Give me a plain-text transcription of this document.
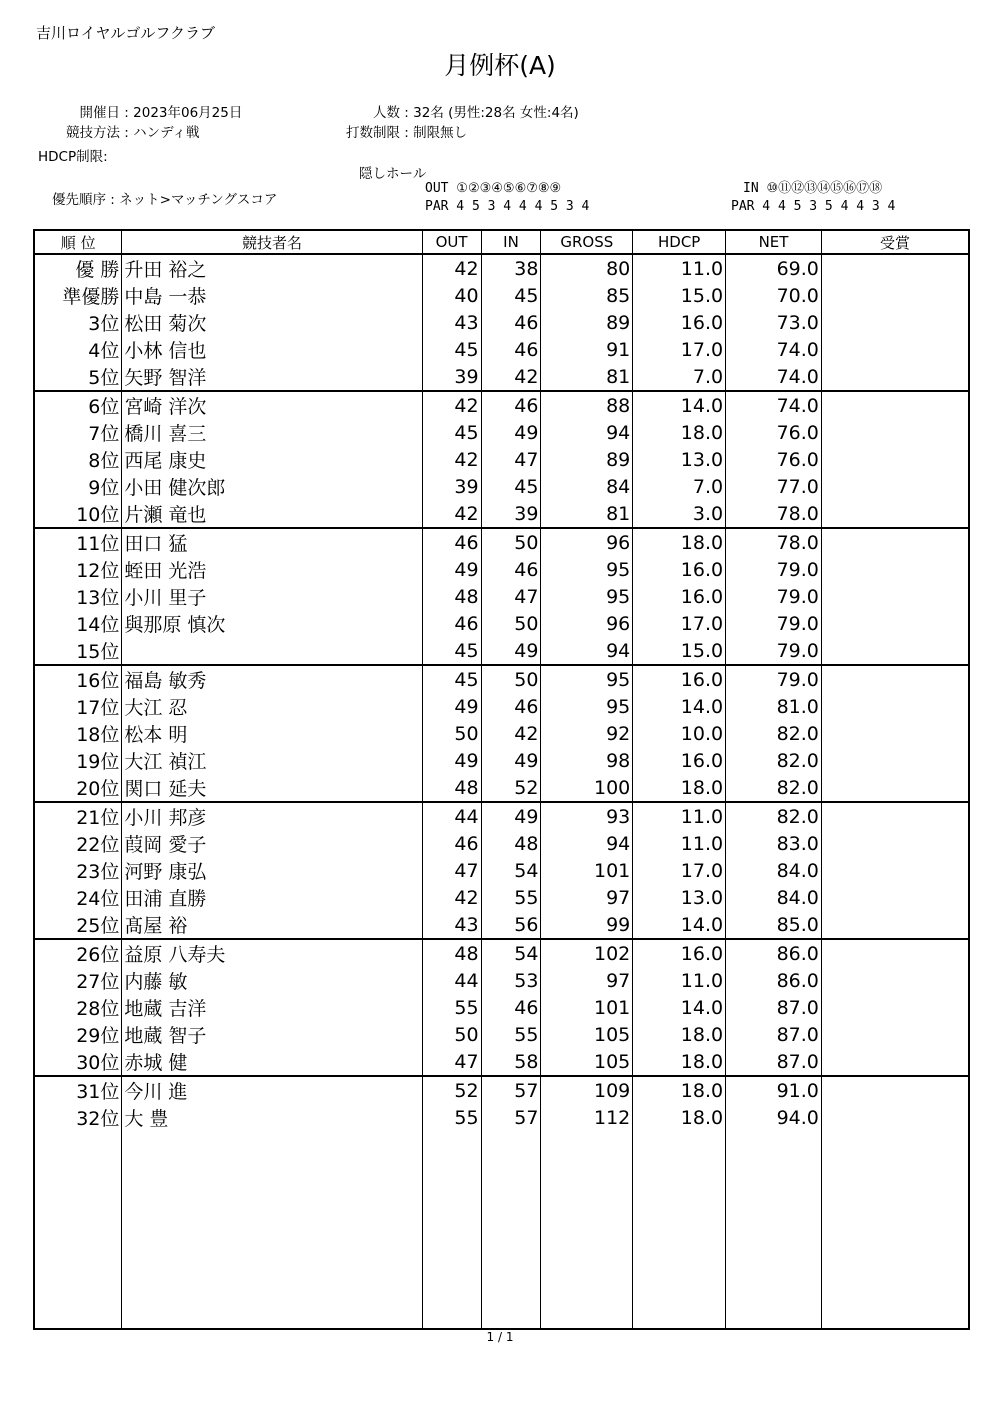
吉川ロイヤルゴルフクラブ
月例杯(A)
開催日 : 2023年06月25日
競技方法 : ハンディ戦
HDCP制限:
人数 : 32名 (男性:28名 女性:4名)
打数制限 : 制限無し
隠しホール
優先順序 : ネット>マッチングスコア
OUT ①②③④⑤⑥⑦⑧⑨
PAR 4 5 3 4 4 4 5 3 4
IN ⑩⑪⑫⑬⑭⑮⑯⑰⑱
PAR 4 4 5 3 5 4 4 3 4
順 位	競技者名	OUT	IN	GROSS	HDCP	NET	受賞
優 勝	升田 裕之	42	38	80	11.0	69.0	
準優勝	中島 一恭	40	45	85	15.0	70.0	
3位	松田 菊次	43	46	89	16.0	73.0	
4位	小林 信也	45	46	91	17.0	74.0	
5位	矢野 智洋	39	42	81	7.0	74.0	
6位	宮崎 洋次	42	46	88	14.0	74.0	
7位	橋川 喜三	45	49	94	18.0	76.0	
8位	西尾 康史	42	47	89	13.0	76.0	
9位	小田 健次郎	39	45	84	7.0	77.0	
10位	片瀬 竜也	42	39	81	3.0	78.0	
11位	田口 猛	46	50	96	18.0	78.0	
12位	蛭田 光浩	49	46	95	16.0	79.0	
13位	小川 里子	48	47	95	16.0	79.0	
14位	與那原 慎次	46	50	96	17.0	79.0	
15位		45	49	94	15.0	79.0	
16位	福島 敏秀	45	50	95	16.0	79.0	
17位	大江 忍	49	46	95	14.0	81.0	
18位	松本 明	50	42	92	10.0	82.0	
19位	大江 禎江	49	49	98	16.0	82.0	
20位	関口 延夫	48	52	100	18.0	82.0	
21位	小川 邦彦	44	49	93	11.0	82.0	
22位	葭岡 愛子	46	48	94	11.0	83.0	
23位	河野 康弘	47	54	101	17.0	84.0	
24位	田浦 直勝	42	55	97	13.0	84.0	
25位	髙屋 裕	43	56	99	14.0	85.0	
26位	益原 八寿夫	48	54	102	16.0	86.0	
27位	内藤 敏	44	53	97	11.0	86.0	
28位	地蔵 吉洋	55	46	101	14.0	87.0	
29位	地蔵 智子	50	55	105	18.0	87.0	
30位	赤城 健	47	58	105	18.0	87.0	
31位	今川 進	52	57	109	18.0	91.0	
32位	大 豊	55	57	112	18.0	94.0	

1 / 1
